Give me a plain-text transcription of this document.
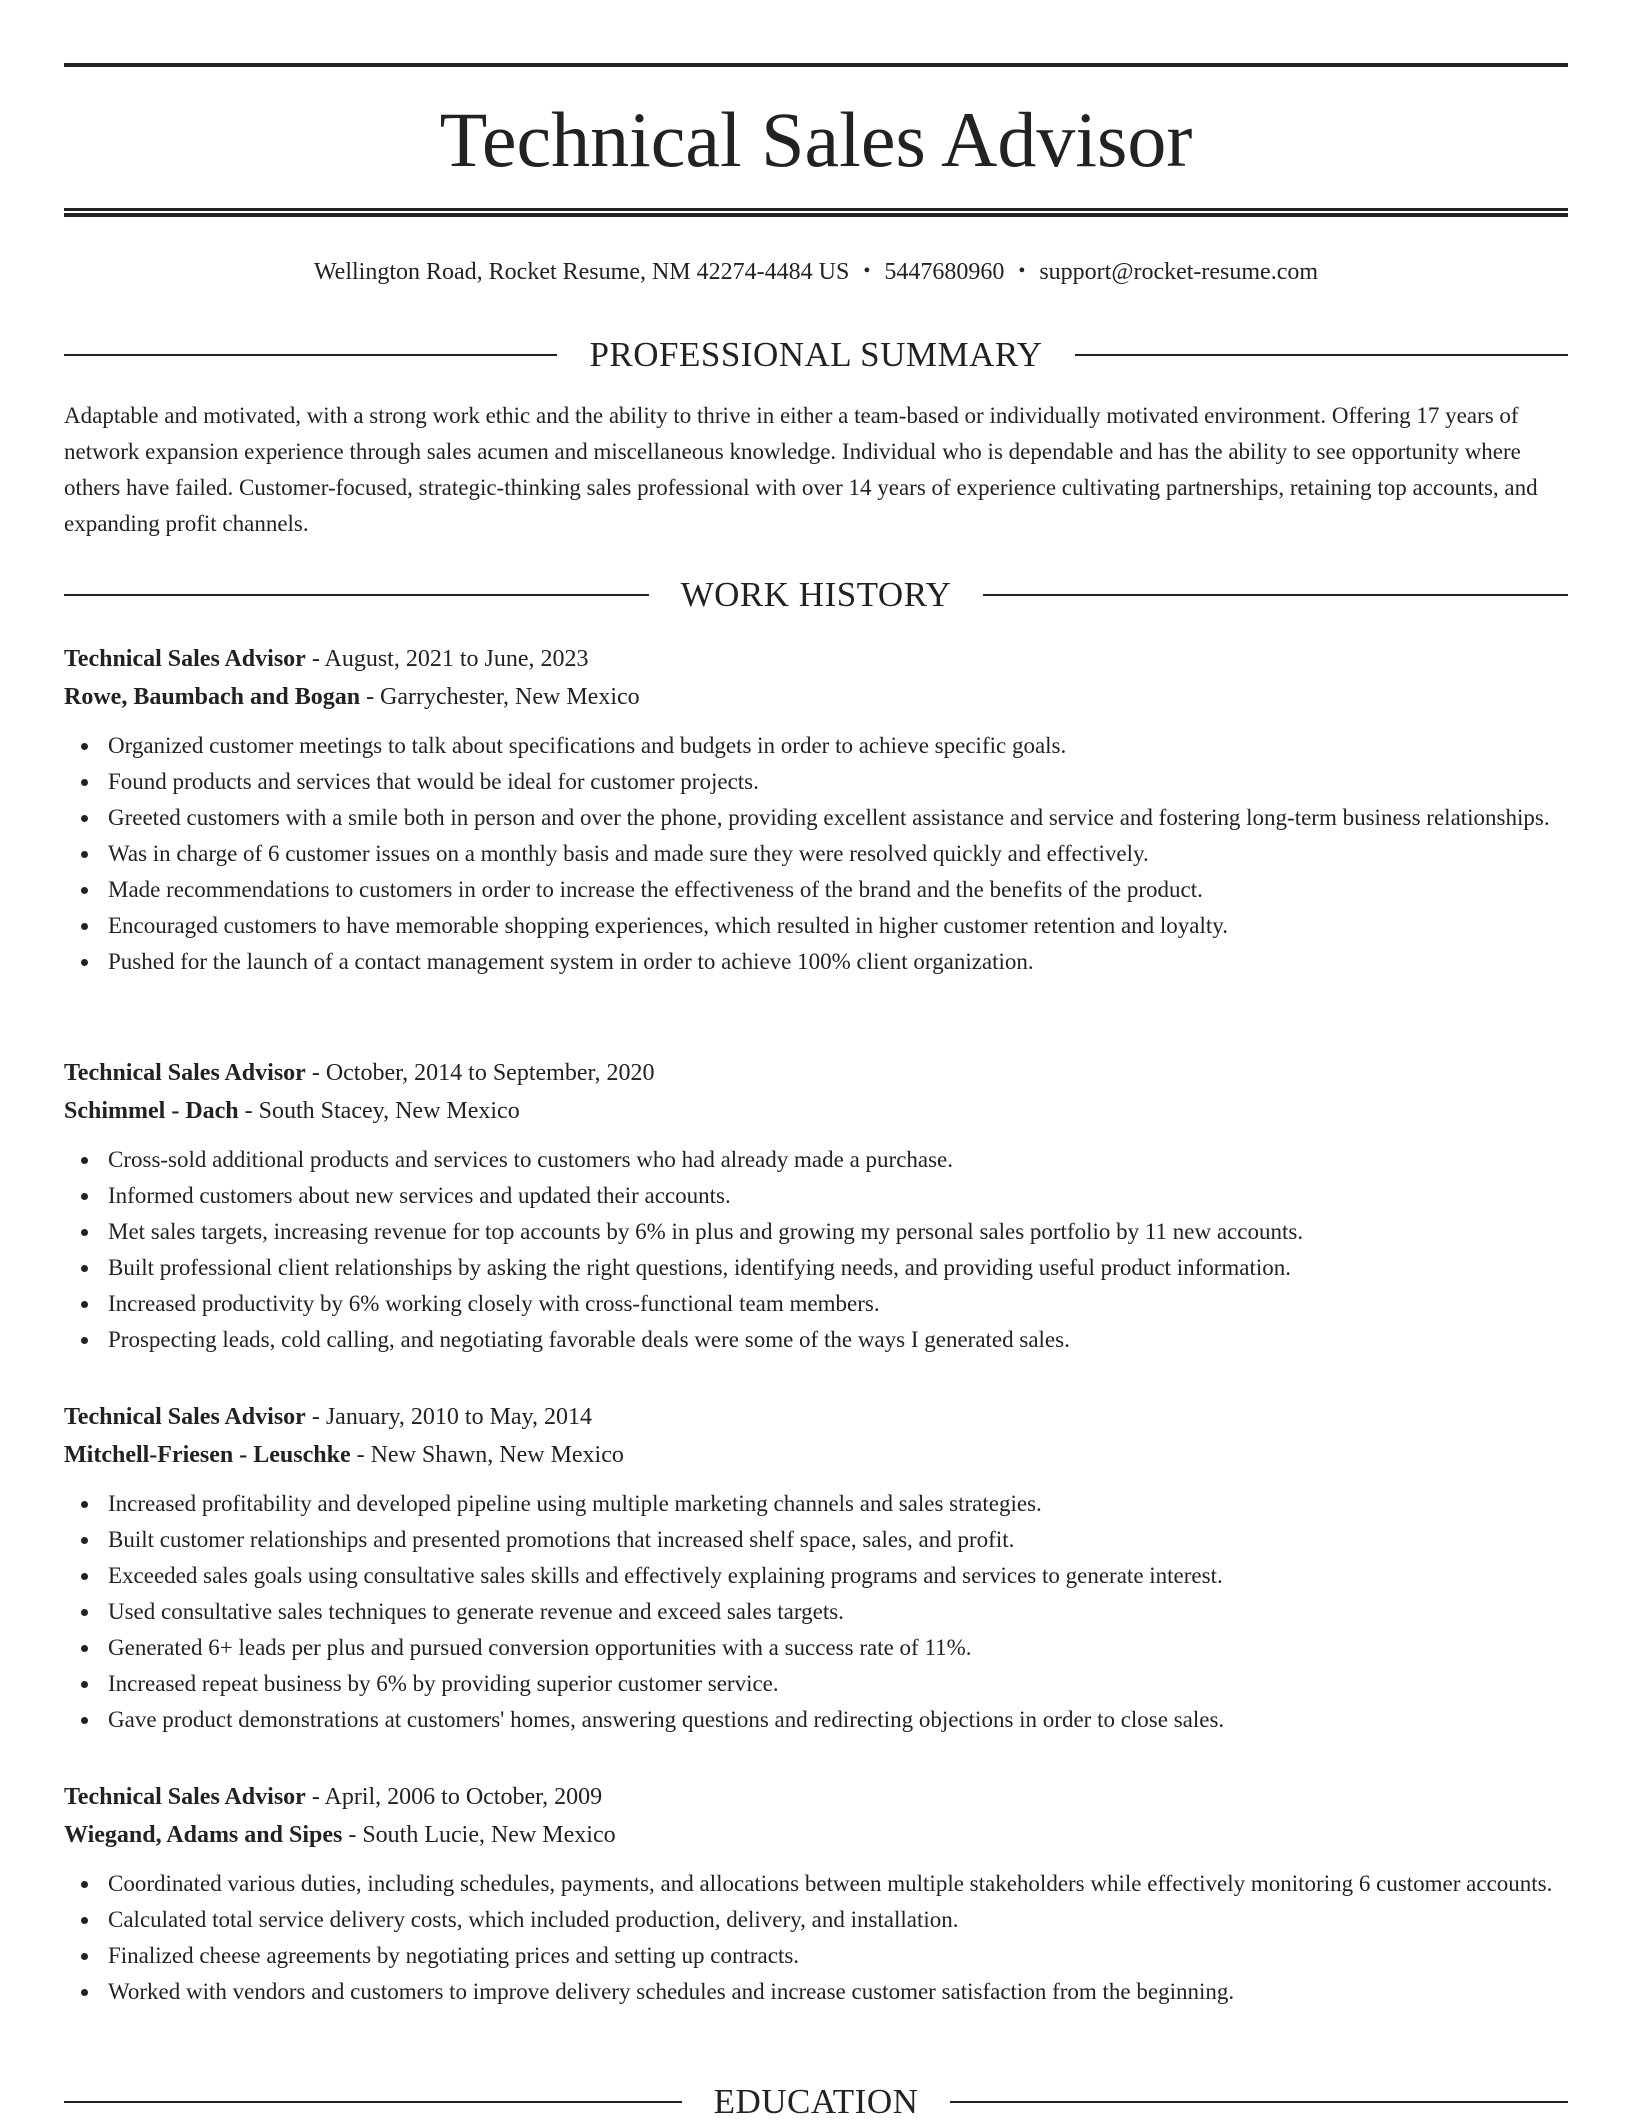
Technical Sales Advisor
Wellington Road, Rocket Resume, NM 42274-4484 US • 5447680960 • support@rocket-resume.com
PROFESSIONAL SUMMARY

Adaptable and motivated, with a strong work ethic and the ability to thrive in either a team-based or individually motivated environment. Offering 17 years of network expansion experience through sales acumen and miscellaneous knowledge. Individual who is dependable and has the ability to see opportunity where others have failed. Customer-focused, strategic-thinking sales professional with over 14 years of experience cultivating partnerships, retaining top accounts, and expanding profit channels.

WORK HISTORY
Technical Sales Advisor - August, 2021 to June, 2023
Rowe, Baumbach and Bogan - Garrychester, New Mexico
Organized customer meetings to talk about specifications and budgets in order to achieve specific goals.
Found products and services that would be ideal for customer projects.
Greeted customers with a smile both in person and over the phone, providing excellent assistance and service and fostering long-term business relationships.
Was in charge of 6 customer issues on a monthly basis and made sure they were resolved quickly and effectively.
Made recommendations to customers in order to increase the effectiveness of the brand and the benefits of the product.
Encouraged customers to have memorable shopping experiences, which resulted in higher customer retention and loyalty.
Pushed for the launch of a contact management system in order to achieve 100% client organization.
Technical Sales Advisor - October, 2014 to September, 2020
Schimmel - Dach - South Stacey, New Mexico
Cross-sold additional products and services to customers who had already made a purchase.
Informed customers about new services and updated their accounts.
Met sales targets, increasing revenue for top accounts by 6% in plus and growing my personal sales portfolio by 11 new accounts.
Built professional client relationships by asking the right questions, identifying needs, and providing useful product information.
Increased productivity by 6% working closely with cross-functional team members.
Prospecting leads, cold calling, and negotiating favorable deals were some of the ways I generated sales.
Technical Sales Advisor - January, 2010 to May, 2014
Mitchell-Friesen - Leuschke - New Shawn, New Mexico
Increased profitability and developed pipeline using multiple marketing channels and sales strategies.
Built customer relationships and presented promotions that increased shelf space, sales, and profit.
Exceeded sales goals using consultative sales skills and effectively explaining programs and services to generate interest.
Used consultative sales techniques to generate revenue and exceed sales targets.
Generated 6+ leads per plus and pursued conversion opportunities with a success rate of 11%.
Increased repeat business by 6% by providing superior customer service.
Gave product demonstrations at customers' homes, answering questions and redirecting objections in order to close sales.
Technical Sales Advisor - April, 2006 to October, 2009
Wiegand, Adams and Sipes - South Lucie, New Mexico
Coordinated various duties, including schedules, payments, and allocations between multiple stakeholders while effectively monitoring 6 customer accounts.
Calculated total service delivery costs, which included production, delivery, and installation.
Finalized cheese agreements by negotiating prices and setting up contracts.
Worked with vendors and customers to improve delivery schedules and increase customer satisfaction from the beginning.
EDUCATION
